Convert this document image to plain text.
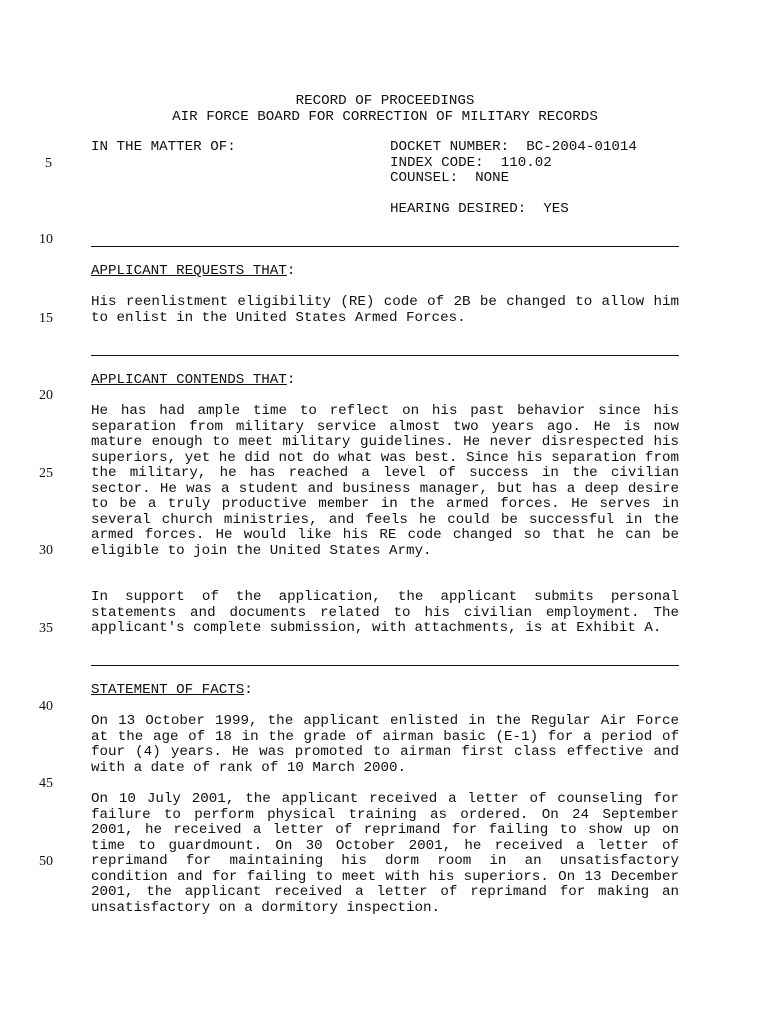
RECORD OF PROCEEDINGS
AIR FORCE BOARD FOR CORRECTION OF MILITARY RECORDS
IN THE MATTER OF:	DOCKET NUMBER:  BC-2004-01014
INDEX CODE:  110.02
COUNSEL:  NONE
HEARING DESIRED:  YES
5
10
15
20
25
30
35
40
45
50
APPLICANT REQUESTS THAT:

His reenlistment eligibility (RE) code of 2B be changed to allow him to enlist in the United States Armed Forces.

APPLICANT CONTENDS THAT:

He has had ample time to reflect on his past behavior since his separation from military service almost two years ago. He is now mature enough to meet military guidelines. He never disrespected his superiors, yet he did not do what was best. Since his separation from the military, he has reached a level of success in the civilian sector. He was a student and business manager, but has a deep desire to be a truly productive member in the armed forces. He serves in several church ministries, and feels he could be successful in the armed forces. He would like his RE code changed so that he can be eligible to join the United States Army.

In support of the application, the applicant submits personal statements and documents related to his civilian employment. The applicant's complete submission, with attachments, is at Exhibit A.

STATEMENT OF FACTS:

On 13 October 1999, the applicant enlisted in the Regular Air Force at the age of 18 in the grade of airman basic (E-1) for a period of four (4) years. He was promoted to airman first class effective and with a date of rank of 10 March 2000.

On 10 July 2001, the applicant received a letter of counseling for failure to perform physical training as ordered. On 24 September 2001, he received a letter of reprimand for failing to show up on time to guardmount. On 30 October 2001, he received a letter of reprimand for maintaining his dorm room in an unsatisfactory condition and for failing to meet with his superiors. On 13 December 2001, the applicant received a letter of reprimand for making an unsatisfactory on a dormitory inspection.
